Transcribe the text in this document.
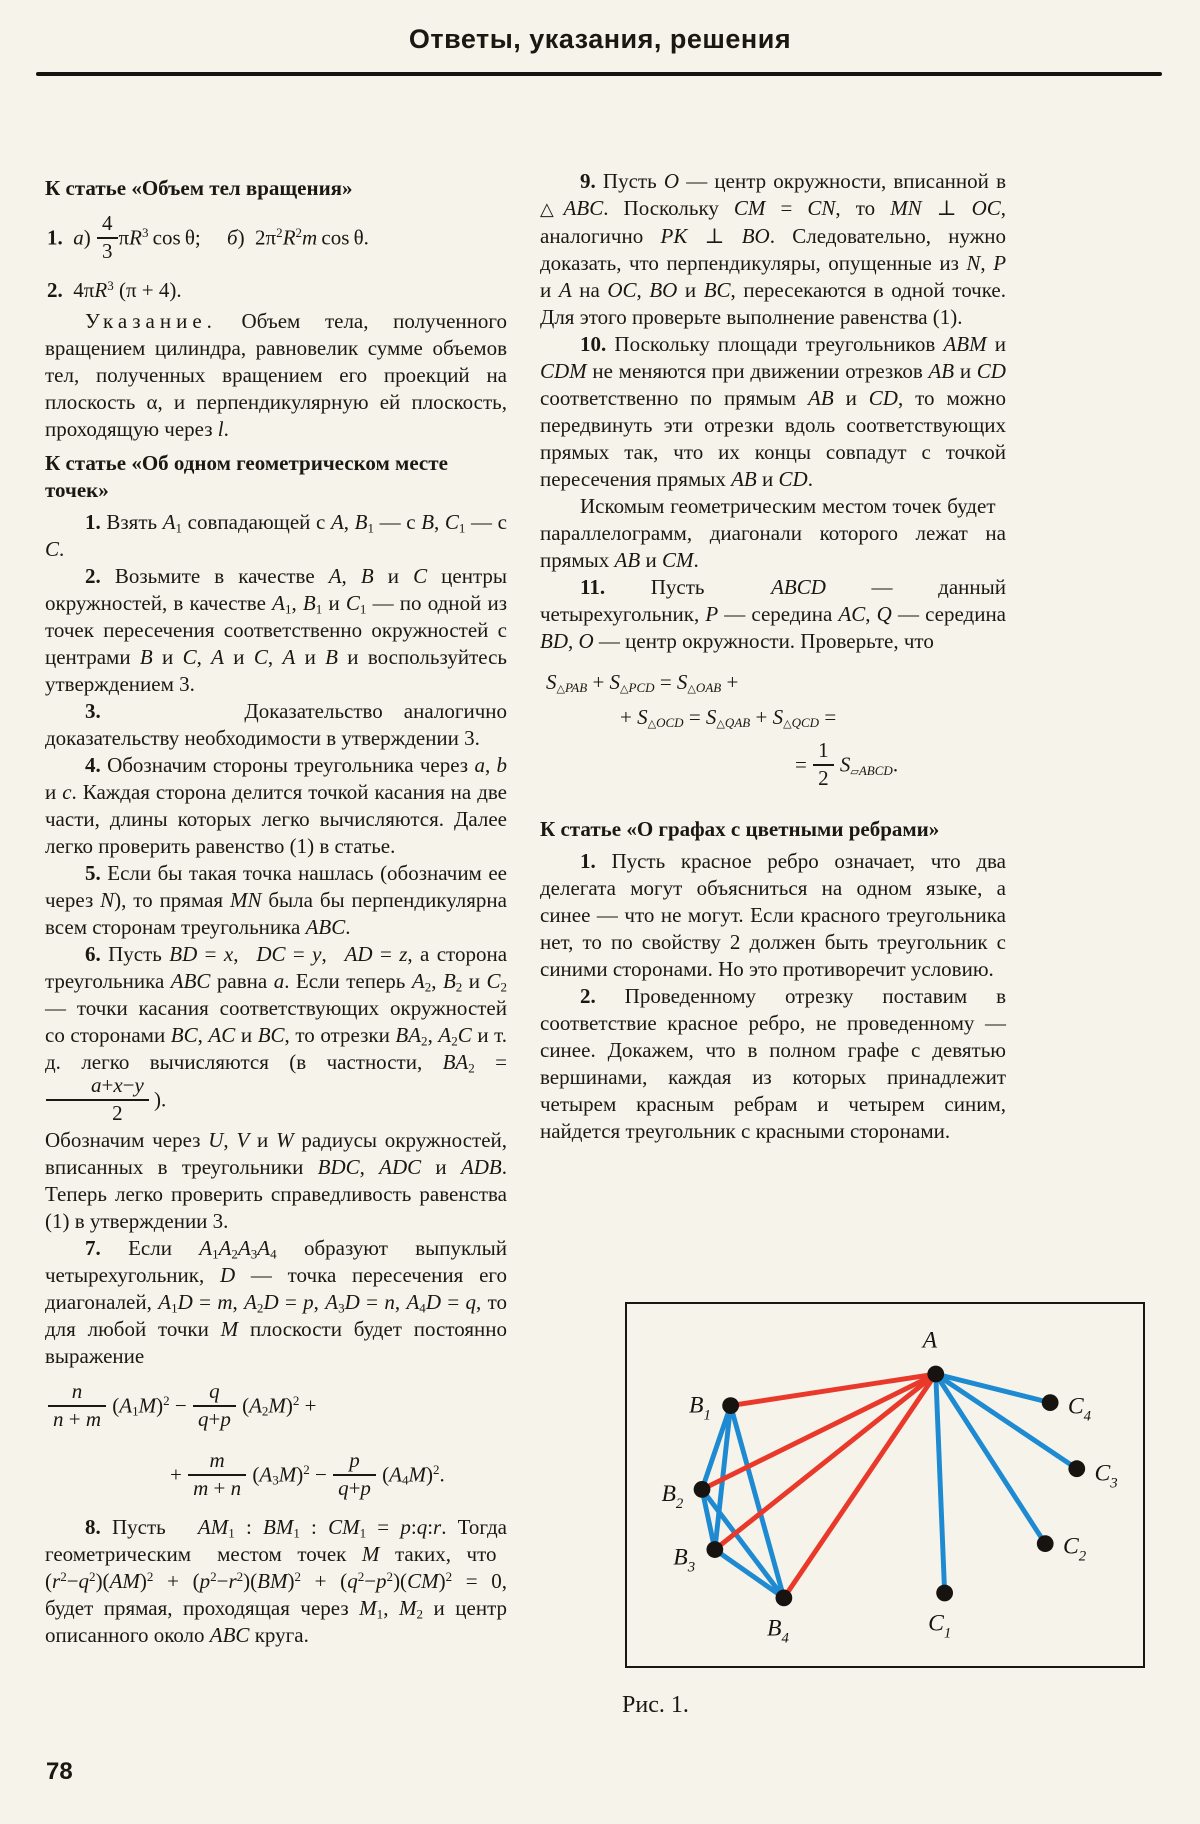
Ответы, указания, решения
К статье «Объем тел вращения»
1.  $а) \frac{4}{3} \pi R^3$ cos θ;  б) $2\pi^2R^2m$ cos θ.
2. $4\pi R^3$ (π + 4).
Указание. Объем тела, полученного вращением цилиндра, равновелик сумме объемов тел, полученных вращением его проекций на плоскость α, и перпендикулярную ей плоскость, проходящую через l.
К статье «Об одном геометрическом месте точек»
1. Взять $A_1$ совпадающей с A, $B_1$ — с B, $C_1$ — с C.
2. Возьмите в качестве A, B и C центры окружностей, в качестве $A_1$, $B_1$ и $C_1$ — по одной из точек пересечения соответственно окружностей с центрами B и C, A и C, A и B и воспользуйтесь утверждением 3.
3. Доказательство аналогично доказательству необходимости в утверждении 3.
4. Обозначим стороны треугольника через a, b и c. Каждая сторона делится точкой касания на две части, длины которых легко вычисляются. Далее легко проверить равенство (1) в статье.
5. Если бы такая точка нашлась (обозначим ее через N), то прямая MN была бы перпендикулярна всем сторонам треугольника ABC.
6. Пусть BD = x,  DC = y,  AD = z, а сторона треугольника ABC равна a. Если теперь $A_2$, $B_2$ и $C_2$ — точки касания соответствующих окружностей со сторонами BC, AC и BC, то отрезки $BA_2$, $A_2C$ и т. д. легко вычисляются (в частности, $BA_2$ =
$\frac{a+x-y}{2}$  ).
Обозначим через U, V и W радиусы окружностей, вписанных в треугольники BDC, ADC и ADB. Теперь легко проверить справедливость равенства (1) в утверждении 3.
7. Если $A_1A_2A_3A_4$ образуют выпуклый четырехугольник, D — точка пересечения его диагоналей, $A_1D = m$, $A_2D = p$, $A_3D = n$, $A_4D = q$, то для любой точки M плоскости будет постоянно выражение
$\frac{n}{n + m} (A_1M)^2 - \frac{q}{q+p} (A_2M)^2$ +
+ $\frac{m}{m + n} (A_3M)^2 - \frac{p}{q+p} (A_4M)^2$.
8. Пусть  $AM_1$ : $BM_1$ : $CM_1$ = p:q:r. Тогда геометрическим  местом точек M таких, что  $(r^2-q^2)(AM)^2 + (p^2-r^2)(BM)^2 + (q^2-p^2)(CM)^2 = 0$, будет прямая, проходящая через $M_1$, $M_2$ и центр описанного около ABC круга.
9. Пусть O — центр окружности, вписанной в △ABC. Поскольку CM = CN, то MN ⊥ OC, аналогично PK ⊥ BO. Следовательно, нужно доказать, что перпендикуляры, опущенные из N, P и A на OC, BO и BC, пересекаются в одной точке. Для этого проверьте выполнение равенства (1).
10. Поскольку площади треугольников ABM и CDM не меняются при движении отрезков AB и CD соответственно по прямым AB и CD, то можно передвинуть эти отрезки вдоль соответствующих прямых так, что их концы совпадут с точкой пересечения прямых AB и CD.
Искомым геометрическим местом точек будет  параллелограмм, диагонали которого лежат на прямых AB и CM.
11. Пусть  ABCD — данный четырехугольник, P — середина AC, Q — середина BD, O — центр окружности. Проверьте, что
$S_{\triangle PAB} + S_{\triangle PCD} = S_{\triangle OAB}$ +
+ $S_{\triangle OCD} = S_{\triangle QAB} + S_{\triangle QCD}$ =
= $\frac{1}{2} S_{▱ABCD}$.
К статье «О графах с цветными ребрами»
1. Пусть красное ребро означает, что два делегата могут объясниться на одном языке, а синее — что не могут. Если красного треугольника нет, то по свойству 2 должен быть треугольник с синими сторонами. Но это противоречит условию.
2. Проведенному отрезку поставим в соответствие красное ребро, не проведенному — синее. Докажем, что в полном графе с девятью вершинами, каждая из которых принадлежит четырем красным ребрам и четырем синим, найдется треугольник с красными сторонами.
A
$B_1$
$B_2$
$B_3$
$B_4$
$C_1$
$C_2$
$C_3$
$C_4$
Рис. 1.
78
